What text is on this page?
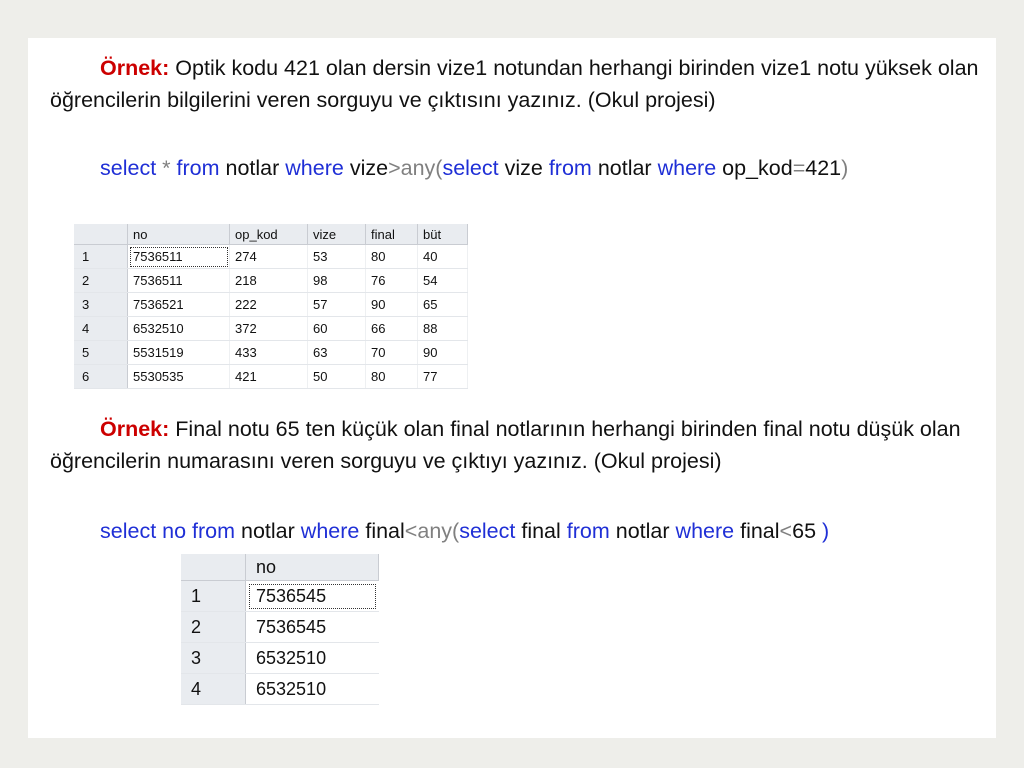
Örnek: Optik kodu 421 olan dersin vize1 notundan herhangi birinden vize1 notu yüksek olan öğrencilerin bilgilerini veren sorguyu ve çıktısını yazınız. (Okul projesi)
select * from notlar where vize>any(select vize from notlar where op_kod=421)
	no	op_kod	vize	final	büt
1	7536511	274	53	80	40
2	7536511	218	98	76	54
3	7536521	222	57	90	65
4	6532510	372	60	66	88
5	5531519	433	63	70	90
6	5530535	421	50	80	77
Örnek: Final notu 65 ten küçük olan final notlarının herhangi birinden final notu düşük olan öğrencilerin numarasını veren sorguyu ve çıktıyı yazınız. (Okul projesi)
select no from notlar where final<any(select final from notlar where final<65 )
	no
1	7536545
2	7536545
3	6532510
4	6532510
